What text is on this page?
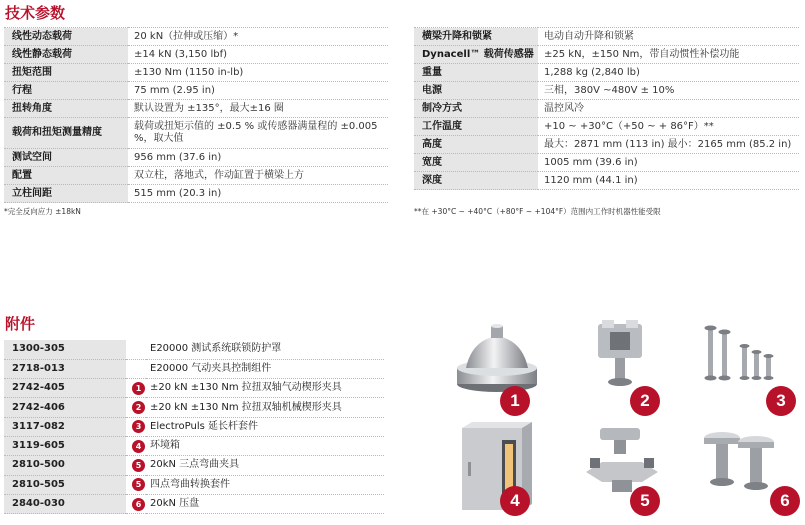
技术参数
线性动态载荷	20 kN（拉伸或压缩）*
线性静态载荷	±14 kN (3,150 lbf)
扭矩范围	±130 Nm (1150 in-lb)
行程	75 mm (2.95 in)
扭转角度	默认设置为 ±135°，最大±16 圈
载荷和扭矩测量精度	载荷或扭矩示值的 ±0.5 % 或传感器满量程的 ±0.005 %，取大值
测试空间	956 mm (37.6 in)
配置	双立柱，落地式，作动缸置于横梁上方
立柱间距	515 mm (20.3 in)
横梁升降和锁紧	电动自动升降和锁紧
Dynacell™ 载荷传感器	±25 kN，±150 Nm，带自动惯性补偿功能
重量	1,288 kg (2,840 lb)
电源	三相，380V ~480V ± 10%
制冷方式	温控风冷
工作温度	+10 ~ +30°C（+50 ~ + 86°F）**
高度	最大：2871 mm (113 in) 最小：2165 mm (85.2 in)
宽度	1005 mm (39.6 in)
深度	1120 mm (44.1 in)
*完全反向应力 ±18kN	**在 +30°C ~ +40°C（+80°F ~ +104°F）范围内工作时机器性能受限
附件
1300-305		E20000 测试系统联锁防护罩
2718-013		E20000 气动夹具控制组件
2742-405	1	±20 kN ±130 Nm 拉扭双轴气动楔形夹具
2742-406	2	±20 kN ±130 Nm 拉扭双轴机械楔形夹具
3117-082	3	ElectroPuls 延长杆套件
3119-605	4	环境箱
2810-500	5	20kN 三点弯曲夹具
2810-505	5	四点弯曲转换套件
2840-030	6	20kN 压盘
1	2	3
4	5	6
